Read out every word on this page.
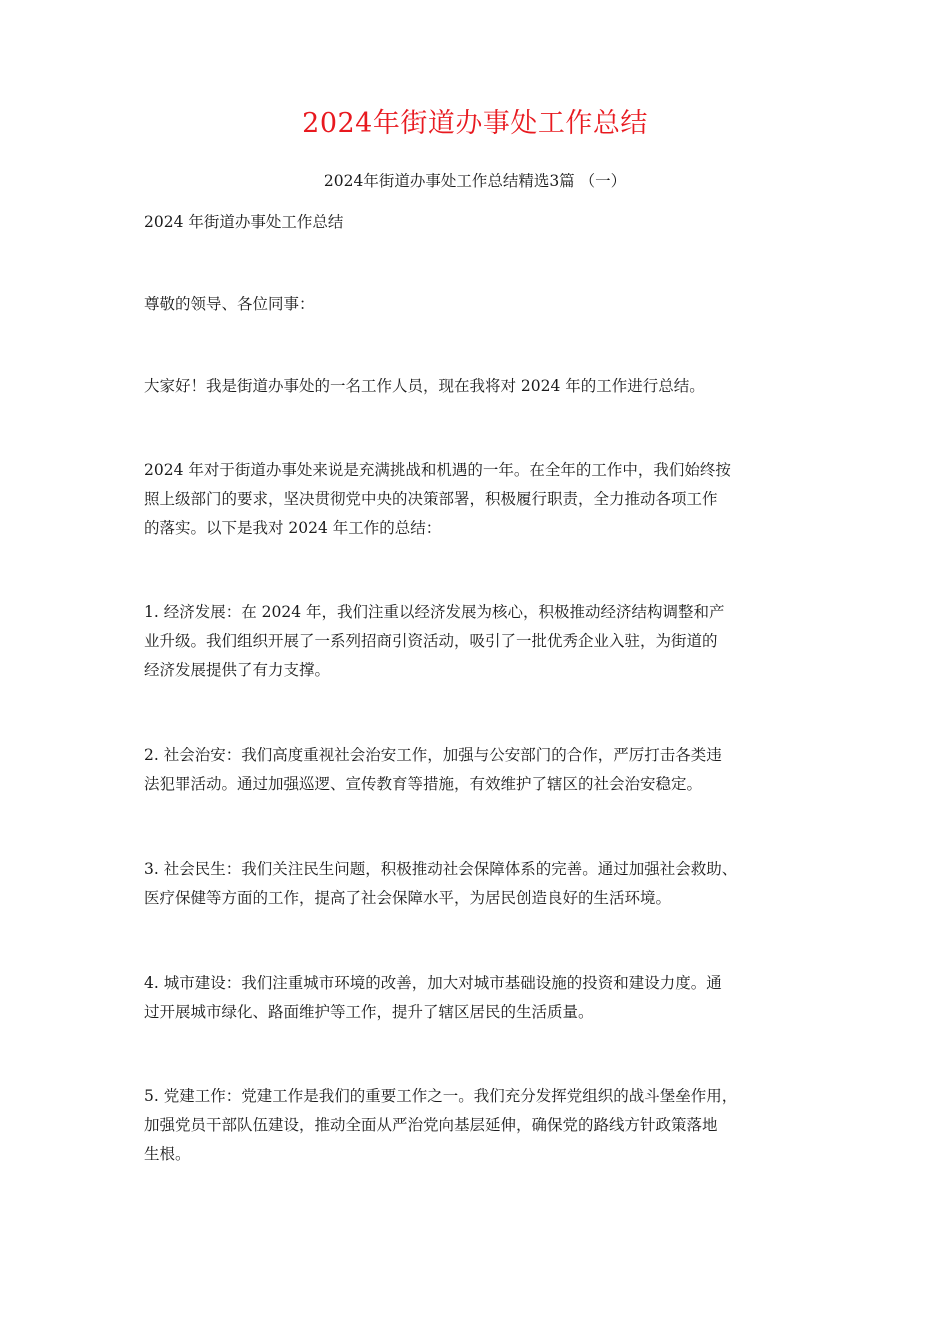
2024年街道办事处工作总结
2024年街道办事处工作总结精选3篇 （一）
2024 年街道办事处工作总结
尊敬的领导、各位同事：
大家好！我是街道办事处的一名工作人员，现在我将对 2024 年的工作进行总结。
2024 年对于街道办事处来说是充满挑战和机遇的一年。在全年的工作中，我们始终按
照上级部门的要求，坚决贯彻党中央的决策部署，积极履行职责，全力推动各项工作
的落实。以下是我对 2024 年工作的总结：
1. 经济发展：在 2024 年，我们注重以经济发展为核心，积极推动经济结构调整和产
业升级。我们组织开展了一系列招商引资活动，吸引了一批优秀企业入驻，为街道的
经济发展提供了有力支撑。
2. 社会治安：我们高度重视社会治安工作，加强与公安部门的合作，严厉打击各类违
法犯罪活动。通过加强巡逻、宣传教育等措施，有效维护了辖区的社会治安稳定。
3. 社会民生：我们关注民生问题，积极推动社会保障体系的完善。通过加强社会救助、
医疗保健等方面的工作，提高了社会保障水平，为居民创造良好的生活环境。
4. 城市建设：我们注重城市环境的改善，加大对城市基础设施的投资和建设力度。通
过开展城市绿化、路面维护等工作，提升了辖区居民的生活质量。
5. 党建工作：党建工作是我们的重要工作之一。我们充分发挥党组织的战斗堡垒作用，
加强党员干部队伍建设，推动全面从严治党向基层延伸，确保党的路线方针政策落地
生根。
